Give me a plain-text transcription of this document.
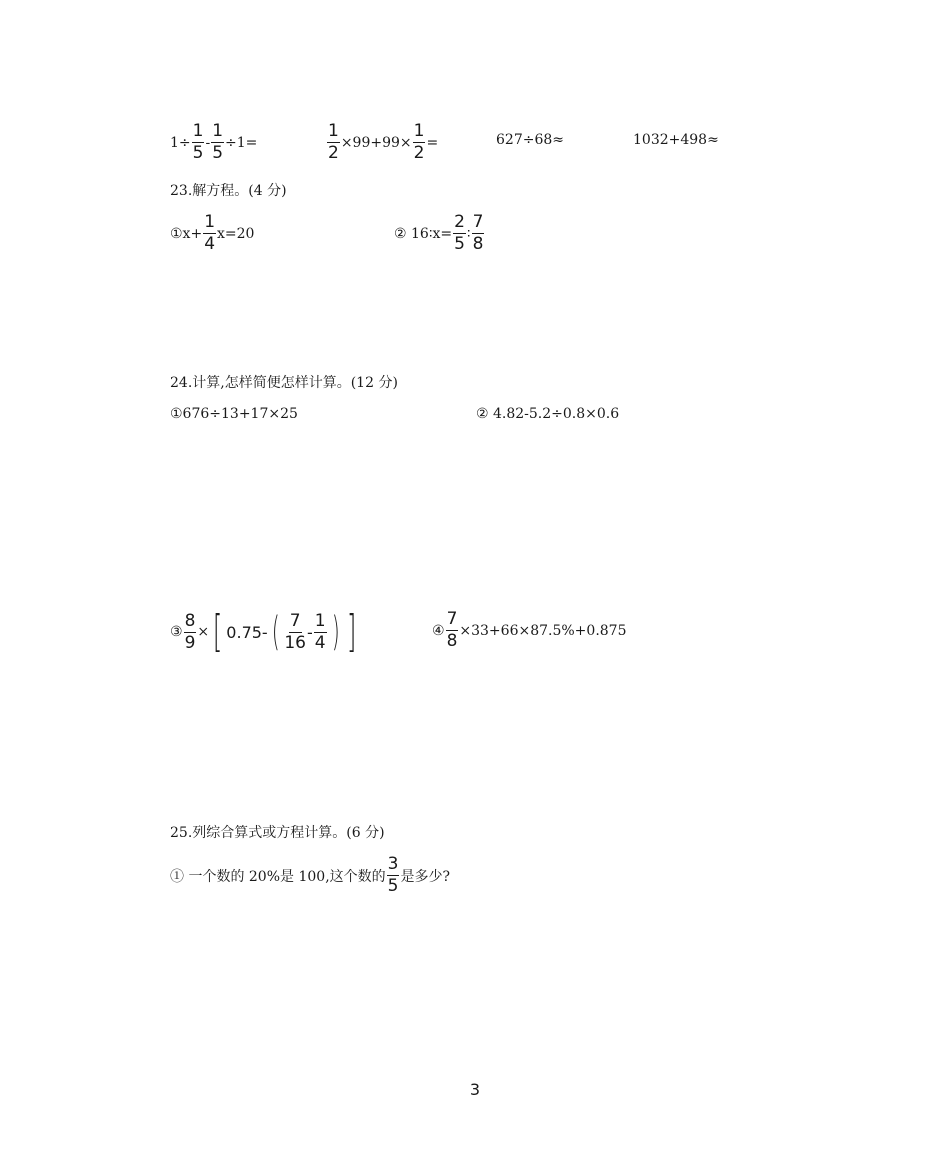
$1\div \frac{1}{5} - \frac{1}{5} \div 1=$	$\frac{1}{2} \times 99+99\times \frac{1}{2}$ =	627÷68≈	1032+498≈
23.解方程。(4 分)
①x+ $\frac{1}{4} x=20$	② 16∶x= $\frac{2}{5}$ ∶ $\frac{7}{8}$
24.计算,怎样简便怎样计算。(12 分)
①676÷13+17×25	② 4.82-5.2÷0.8×0.6
③ $\frac{8}{9}$ × [ 0.75- ( $\frac{7}{16} - \frac{1}{4}$ ) ]	④ $\frac{7}{8} \times 33+66\times 87.5\%+0.875$
25.列综合算式或方程计算。(6 分)
① 一个数的 20%是 100,这个数的 $\frac{3}{5}$ 是多少?
3
